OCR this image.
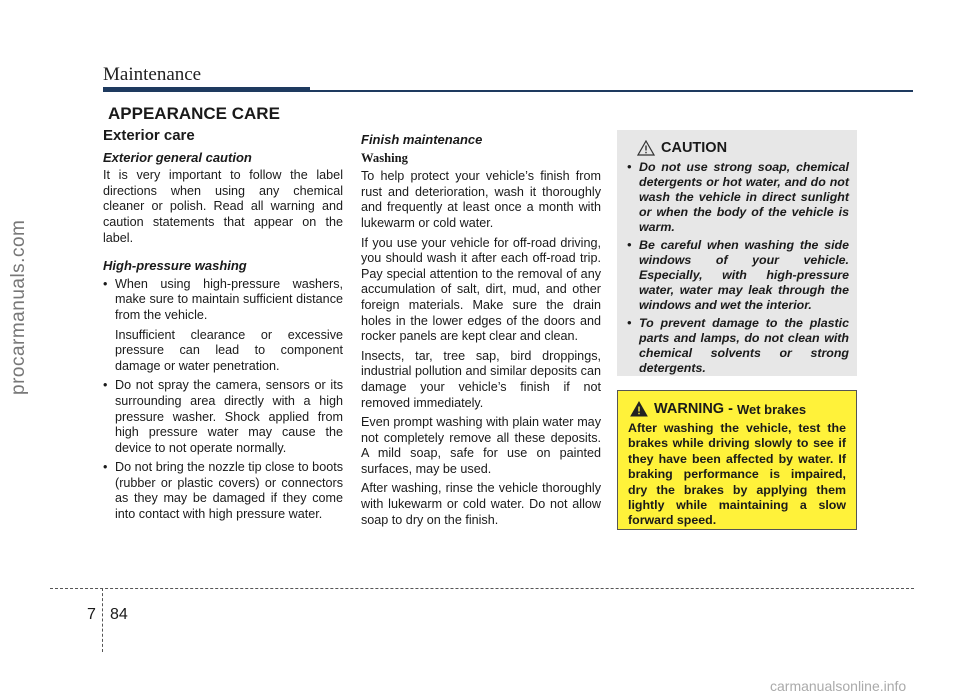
Maintenance
APPEARANCE CARE
Exterior care
Exterior general caution

It is very important to follow the label directions when using any chemical cleaner or polish. Read all warning and caution statements that appear on the label.

High-pressure washing
• When using high-pressure washers, make sure to maintain sufficient distance from the vehicle.
Insufficient clearance or excessive pressure can lead to component damage or water penetration.
• Do not spray the camera, sensors or its surrounding area directly with a high pressure washer. Shock applied from high pressure water may cause the device to not operate normally.
• Do not bring the nozzle tip close to boots (rubber or plastic covers) or connectors as they may be damaged if they come into contact with high pressure water.
Finish maintenance
Washing

To help protect your vehicle’s finish from rust and deterioration, wash it thoroughly and frequently at least once a month with lukewarm or cold water.

If you use your vehicle for off-road driving, you should wash it after each off-road trip. Pay special attention to the removal of any accumulation of salt, dirt, mud, and other foreign materials. Make sure the drain holes in the lower edges of the doors and rocker panels are kept clear and clean.

Insects, tar, tree sap, bird droppings, industrial pollution and similar deposits can damage your vehicle’s finish if not removed immediately.

Even prompt washing with plain water may not completely remove all these deposits. A mild soap, safe for use on painted surfaces, may be used.

After washing, rinse the vehicle thoroughly with lukewarm or cold water. Do not allow soap to dry on the finish.

CAUTION
• Do not use strong soap, chemical detergents or hot water, and do not wash the vehicle in direct sunlight or when the body of the vehicle is warm.
• Be careful when washing the side windows of your vehicle. Especially, with high-pressure water, water may leak through the windows and wet the interior.
• To prevent damage to the plastic parts and lamps, do not clean with chemical solvents or strong detergents.
WARNING - Wet brakes
After washing the vehicle, test the brakes while driving slowly to see if they have been affected by water. If braking performance is impaired, dry the brakes by applying them lightly while maintaining a slow forward speed.
7 84
procarmanuals.com
carmanualsonline.info
